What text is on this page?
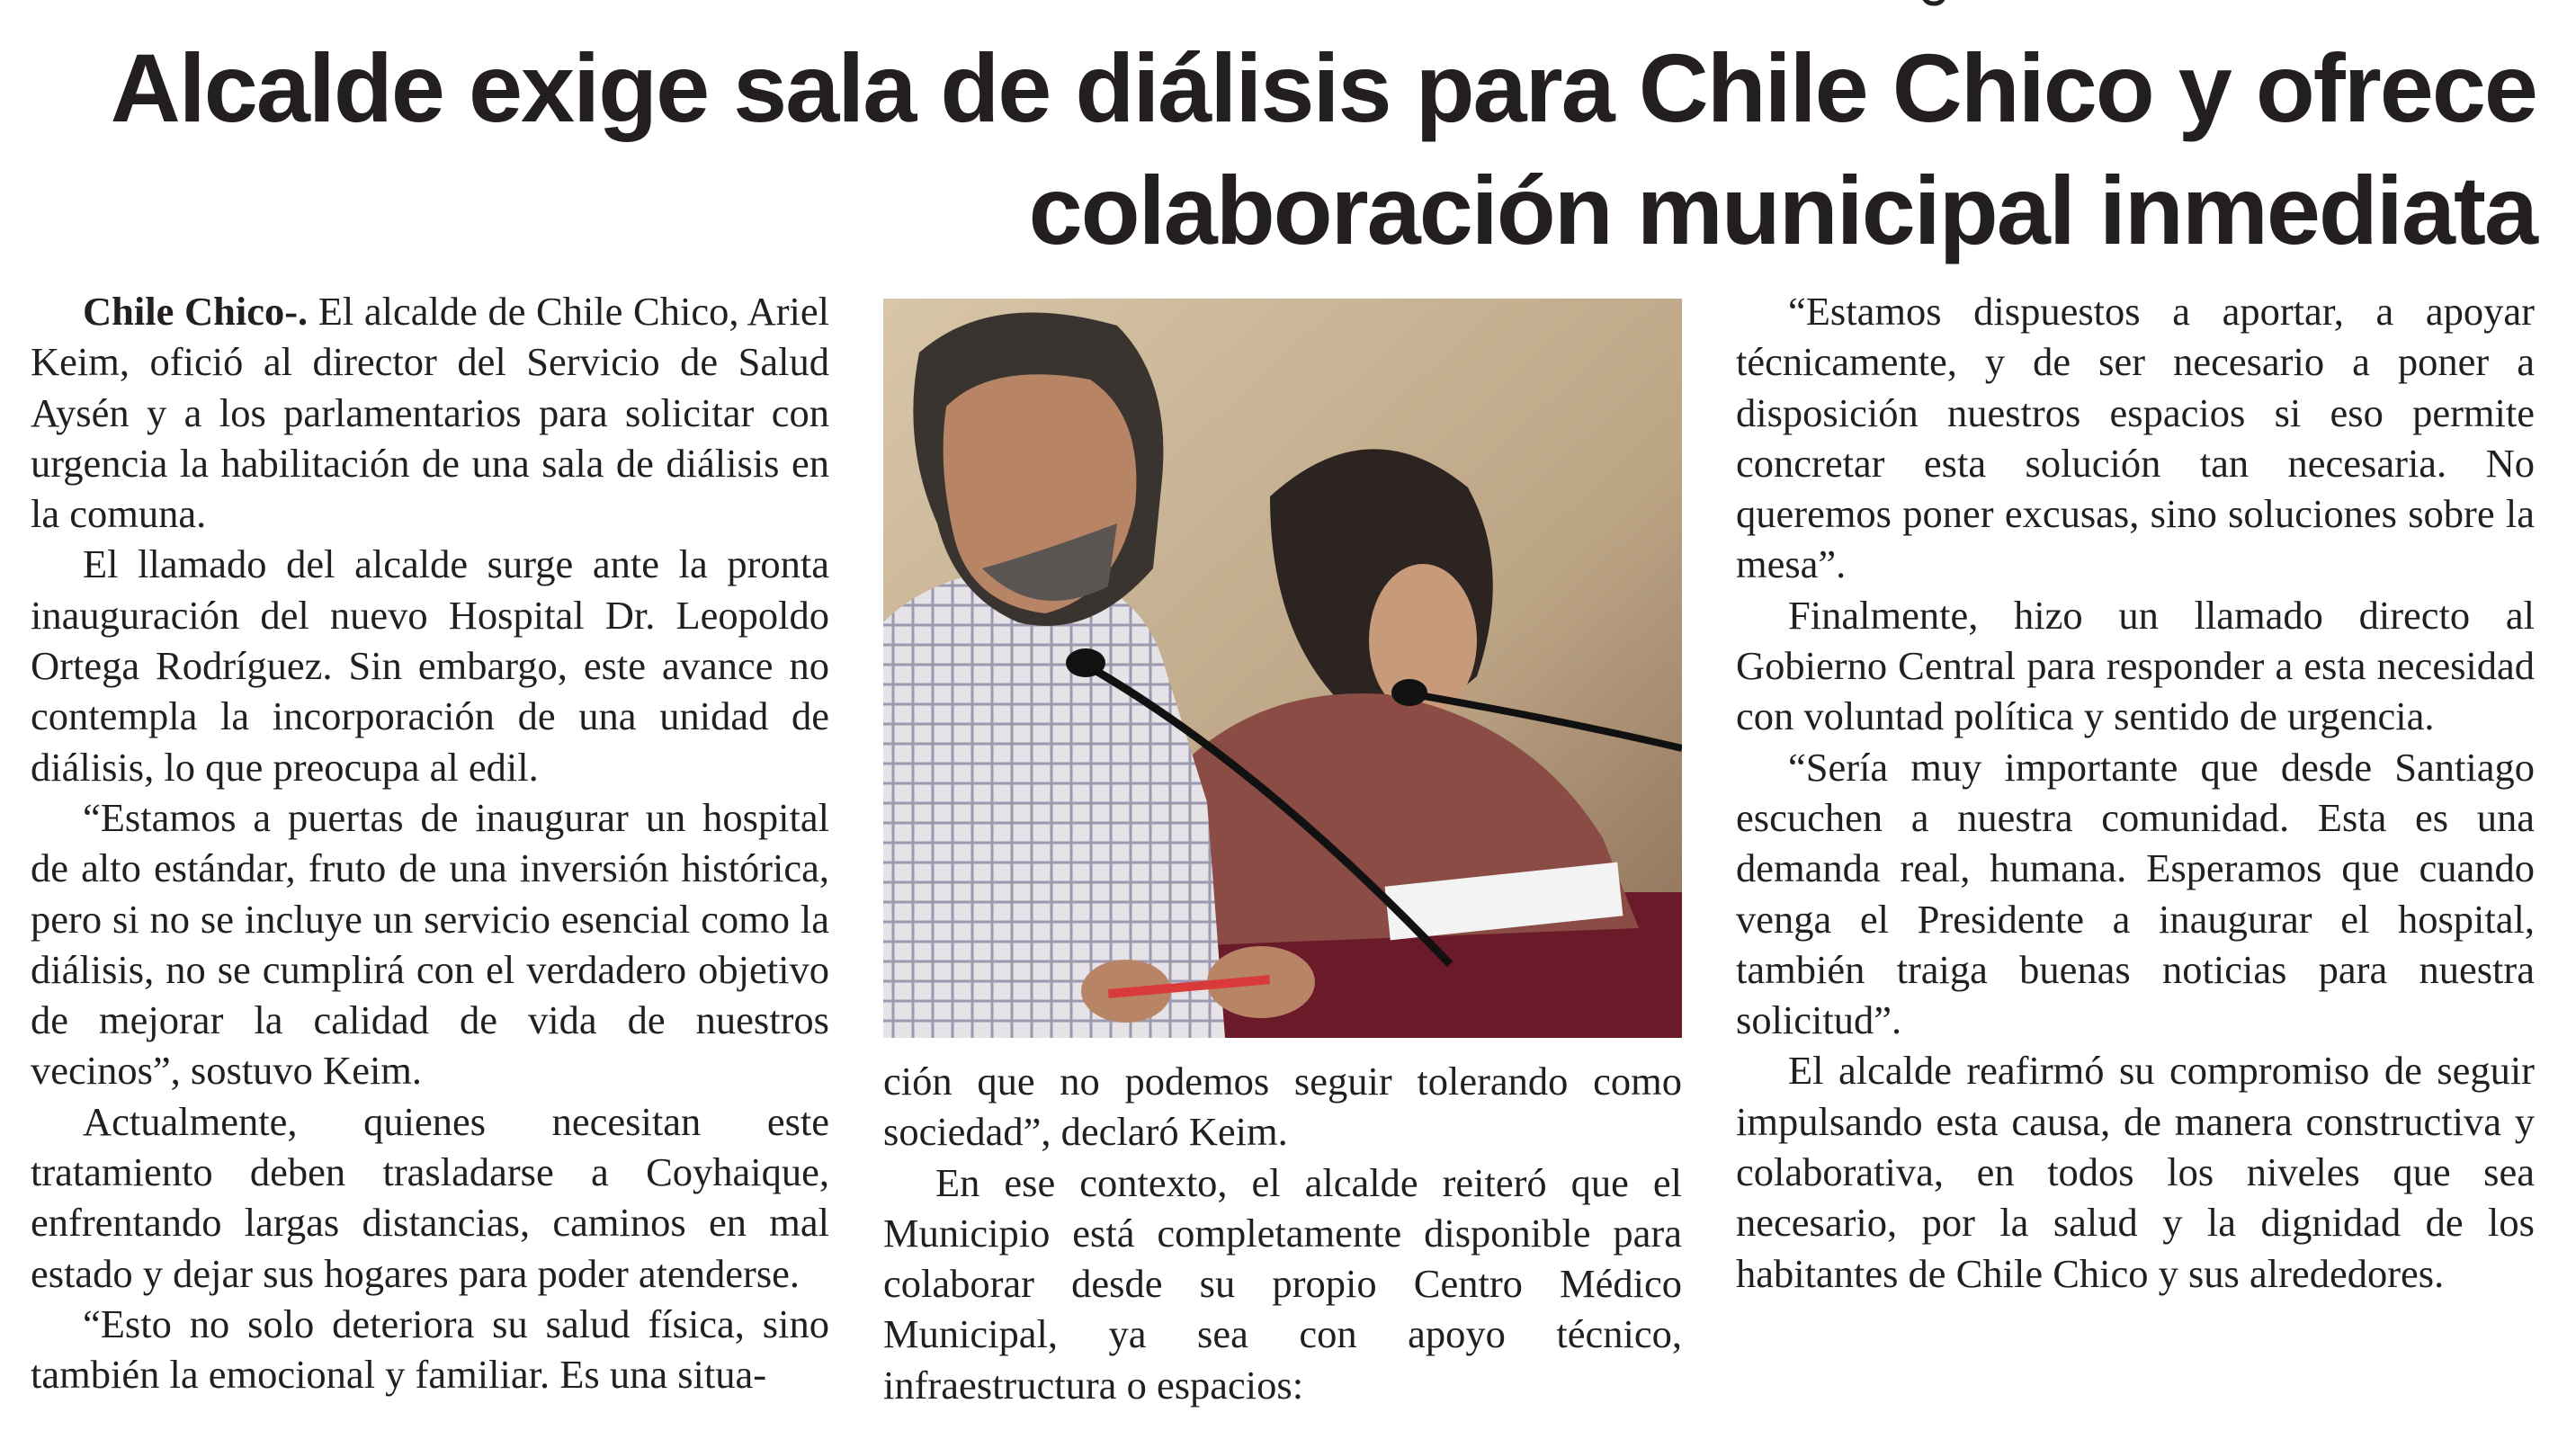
Alcalde exige sala de diálisis para Chile Chico y ofrece
colaboración municipal inmediata

Chile Chico-. El alcalde de Chile Chico, Ariel Keim, ofició al director del Servicio de Salud Aysén y a los parlamentarios para solicitar con urgencia la habilitación de una sala de diálisis en la comuna.

El llamado del alcalde surge ante la pronta inauguración del nuevo Hospital Dr. Leopoldo Ortega Rodríguez. Sin embargo, este avance no contempla la incorporación de una unidad de diálisis, lo que preocupa al edil.

“Estamos a puertas de inaugurar un hospital de alto estándar, fruto de una inversión histórica, pero si no se incluye un servicio esencial como la diálisis, no se cumplirá con el verdadero objetivo de mejorar la calidad de vida de nuestros vecinos”, sostuvo Keim.

Actualmente, quienes necesitan este tratamiento deben trasladarse a Coyhaique, enfrentando largas distancias, caminos en mal estado y dejar sus hogares para poder atenderse.

“Esto no solo deteriora su salud física, sino también la emocional y familiar. Es una situa-

ción que no podemos seguir tolerando como sociedad”, declaró Keim.

En ese contexto, el alcalde reiteró que el Municipio está completamente disponible para colaborar desde su propio Centro Médico Municipal, ya sea con apoyo técnico, infraestructura o espacios:

“Estamos dispuestos a aportar, a apoyar técnicamente, y de ser necesario a poner a disposición nuestros espacios si eso permite concretar esta solución tan necesaria. No queremos poner excusas, sino soluciones sobre la mesa”.

Finalmente, hizo un llamado directo al Gobierno Central para responder a esta necesidad con voluntad política y sentido de urgencia.

“Sería muy importante que desde Santiago escuchen a nuestra comunidad. Esta es una demanda real, humana. Esperamos que cuando venga el Presidente a inaugurar el hospital, también traiga buenas noticias para nuestra solicitud”.

El alcalde reafirmó su compromiso de seguir impulsando esta causa, de manera constructiva y colaborativa, en todos los niveles que sea necesario, por la salud y la dignidad de los habitantes de Chile Chico y sus alrededores.
